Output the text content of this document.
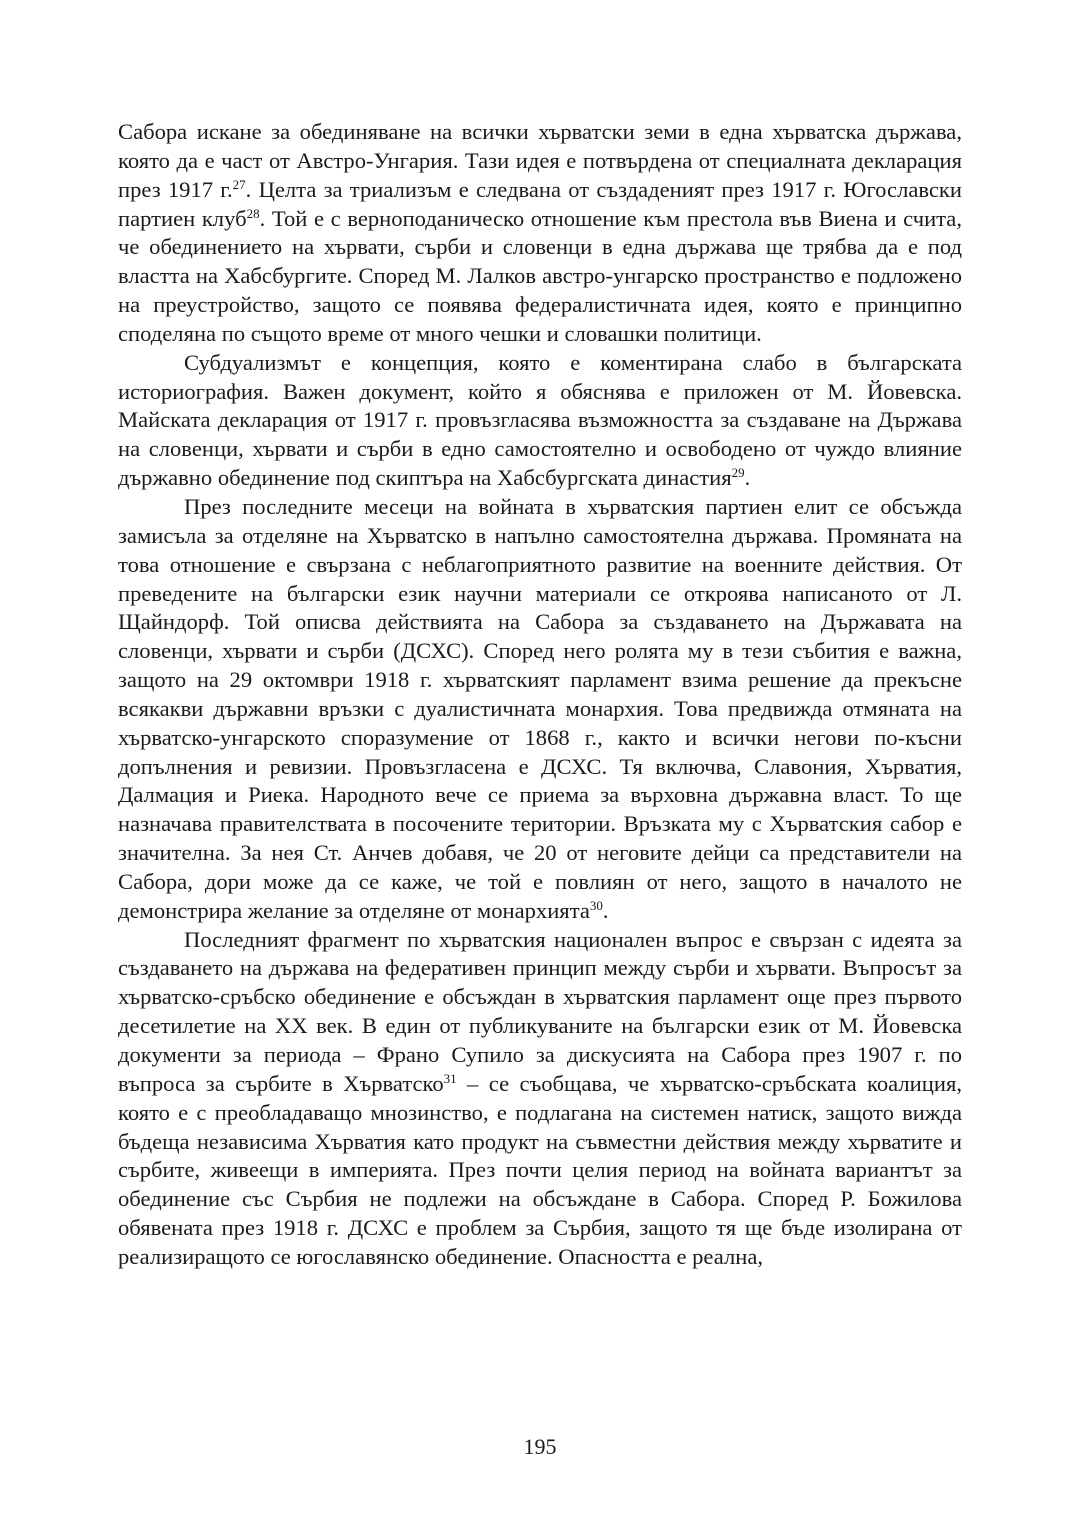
Сабора искане за обединяване на всички хърватски земи в една хърватска държава, която да е част от Австро-Унгария. Тази идея е потвърдена от специалната декларация през 1917 г.$^{27}$. Целта за триализъм е следвана от създадeният през 1917 г. Югославски партиен клуб$^{28}$. Той е с верноподаническо отношение към престола във Виена и счита, че обединението на хървати, сърби и словенци в една държава ще трябва да е под властта на Хабсбургите. Според М. Лалков австро-унгарско пространство е подложено на преустройство, защото се появява федералистичната идея, която е принципно споделяна по същото време от много чешки и словашки политици.

Субдуализмът е концепция, която е коментирана слабо в българската историография. Важен документ, който я обяснява е приложен от М. Йовевска. Майската декларация от 1917 г. провъзгласява възможността за създаване на Държава на словенци, хървати и сърби в едно самостоятелно и освободено от чуждо влияние държавно обединение под скиптъра на Хабсбургската династия$^{29}$.

През последните месеци на войната в хърватския партиен елит се обсъжда замисъла за отделяне на Хърватско в напълно самостоятелна държава. Промяната на това отношение е свързана с неблагоприятното развитие на военните действия. От преведените на български език научни материали се откроява написаното от Л. Щайндорф. Той описва действията на Сабора за създаването на Държавата на словенци, хървати и сърби (ДСХС). Според него ролята му в тези събития е важна, защото на 29 октомври 1918 г. хърватският парламент взима решение да прекъсне всякакви държавни връзки с дуалистичната монархия. Това предвижда отмяната на хърватско-унгарското споразумение от 1868 г., както и всички негови по-късни допълнения и ревизии. Провъзгласена е ДСХС. Тя включва, Славония, Хърватия, Далмация и Риека. Народното вече се приема за върховна държавна власт. То ще назначава правителствата в посочените територии. Връзката му с Хърватския сабор е значителна. За нея Ст. Анчев добавя, че 20 от неговите дейци са представители на Сабора, дори може да се каже, че той е повлиян от него, защото в началото не демонстрира желание за отделяне от монархията$^{30}$.

Последният фрагмент по хърватския национален въпрос е свързан с идеята за създаването на държава на федеративен принцип между сърби и хървати. Въпросът за хърватско-сръбско обединение е обсъждан в хърватския парламент още през първото десетилетие на XX век. В един от публикуваните на български език от М. Йовевска документи за периода – Франо Супило за дискусията на Сабора през 1907 г. по въпроса за сърбите в Хърватско$^{31}$ – се съобщава, че хърватско-сръбската коалиция, която е с преобладаващо мнозинство, е подлагана на системен натиск, защото вижда бъдеща независима Хърватия като продукт на съвместни действия между хърватите и сърбите, живеещи в империята. През почти целия период на войната вариантът за обединение със Сърбия не подлежи на обсъждане в Сабора. Според Р. Божилова обявената през 1918 г. ДСХС е проблем за Сърбия, защото тя ще бъде изолирана от реализиращото се югославянско обединение. Опасността е реална,

195
